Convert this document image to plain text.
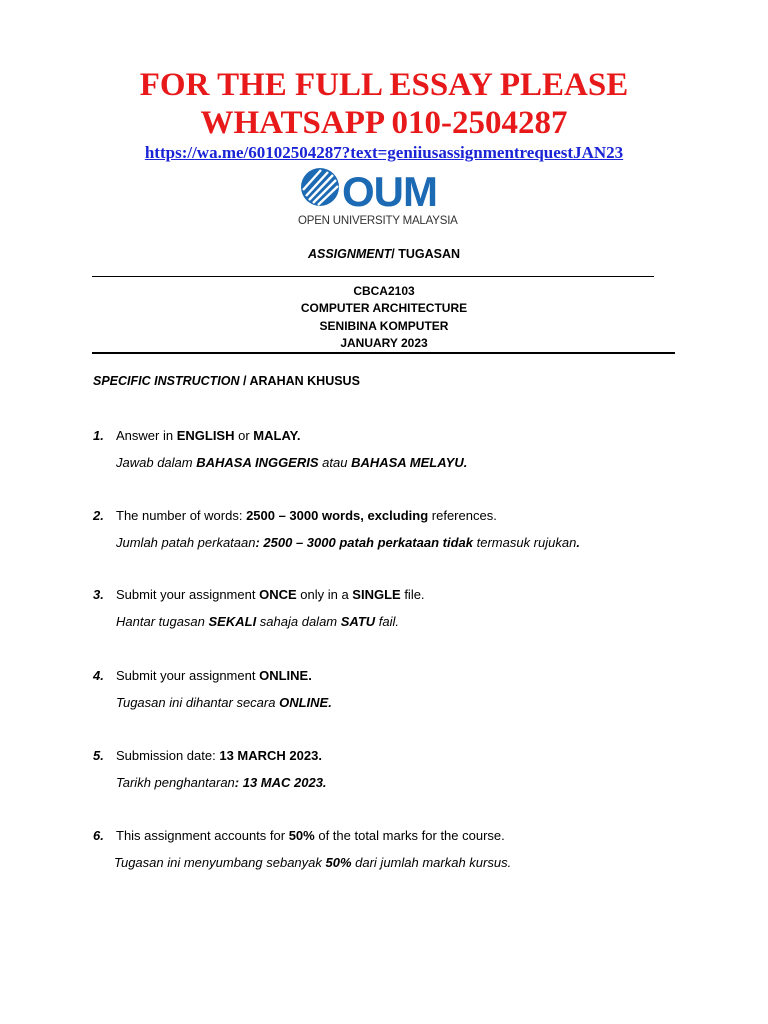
FOR THE FULL ESSAY PLEASE
WHATSAPP 010-2504287
https://wa.me/60102504287?text=geniiusassignmentrequestJAN23
OUM
OPEN UNIVERSITY MALAYSIA
ASSIGNMENT/ TUGASAN
CBCA2103
COMPUTER ARCHITECTURE
SENIBINA KOMPUTER
JANUARY 2023
SPECIFIC INSTRUCTION / ARAHAN KHUSUS
1. Answer in ENGLISH or MALAY.
Jawab dalam BAHASA INGGERIS atau BAHASA MELAYU.
2. The number of words: 2500 – 3000 words, excluding references.
Jumlah patah perkataan: 2500 – 3000 patah perkataan tidak termasuk rujukan.
3. Submit your assignment ONCE only in a SINGLE file.
Hantar tugasan SEKALI sahaja dalam SATU fail.
4. Submit your assignment ONLINE.
Tugasan ini dihantar secara ONLINE.
5. Submission date: 13 MARCH 2023.
Tarikh penghantaran: 13 MAC 2023.
6. This assignment accounts for 50% of the total marks for the course.
Tugasan ini menyumbang sebanyak 50% dari jumlah markah kursus.
